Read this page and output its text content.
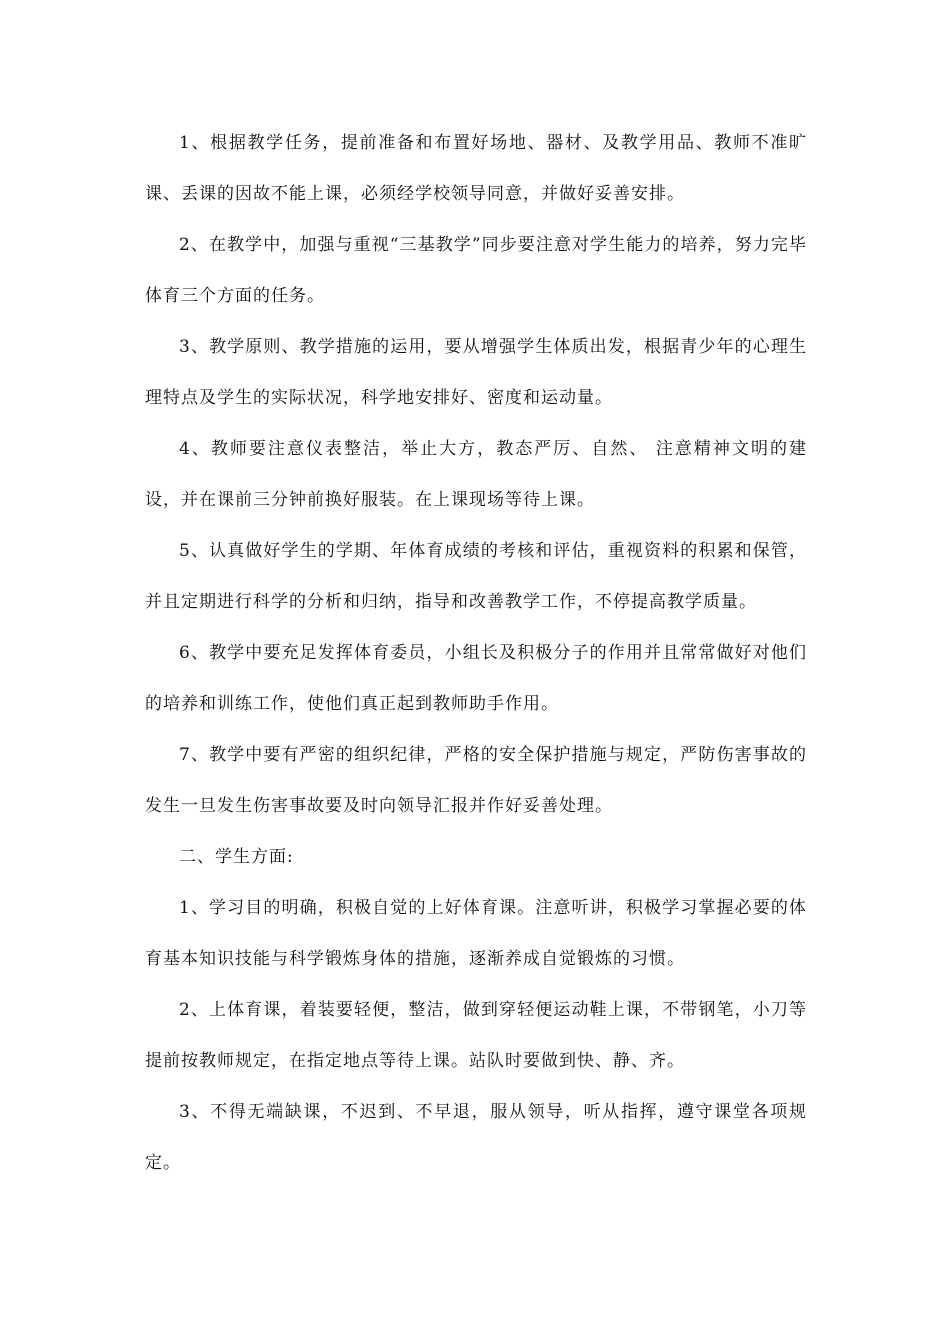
1、根据教学任务，提前准备和布置好场地、器材、及教学用品、教师不准旷课、丢课的因故不能上课，必须经学校领导同意，并做好妥善安排。

2、在教学中，加强与重视“三基教学”同步要注意对学生能力的培养，努力完毕体育三个方面的任务。

3、教学原则、教学措施的运用，要从增强学生体质出发，根据青少年的心理生理特点及学生的实际状况，科学地安排好、密度和运动量。

4、教师要注意仪表整洁，举止大方，教态严厉、自然、 注意精神文明的建设，并在课前三分钟前换好服装。在上课现场等待上课。

5、认真做好学生的学期、年体育成绩的考核和评估，重视资料的积累和保管，并且定期进行科学的分析和归纳，指导和改善教学工作，不停提高教学质量。

6、教学中要充足发挥体育委员，小组长及积极分子的作用并且常常做好对他们的培养和训练工作，使他们真正起到教师助手作用。

7、教学中要有严密的组织纪律，严格的安全保护措施与规定，严防伤害事故的发生一旦发生伤害事故要及时向领导汇报并作好妥善处理。

二、学生方面:

1、学习目的明确，积极自觉的上好体育课。注意听讲，积极学习掌握必要的体育基本知识技能与科学锻炼身体的措施，逐渐养成自觉锻炼的习惯。

2、上体育课，着装要轻便，整洁，做到穿轻便运动鞋上课，不带钢笔，小刀等提前按教师规定，在指定地点等待上课。站队时要做到快、静、齐。

3、不得无端缺课，不迟到、不早退，服从领导，听从指挥，遵守课堂各项规定。
